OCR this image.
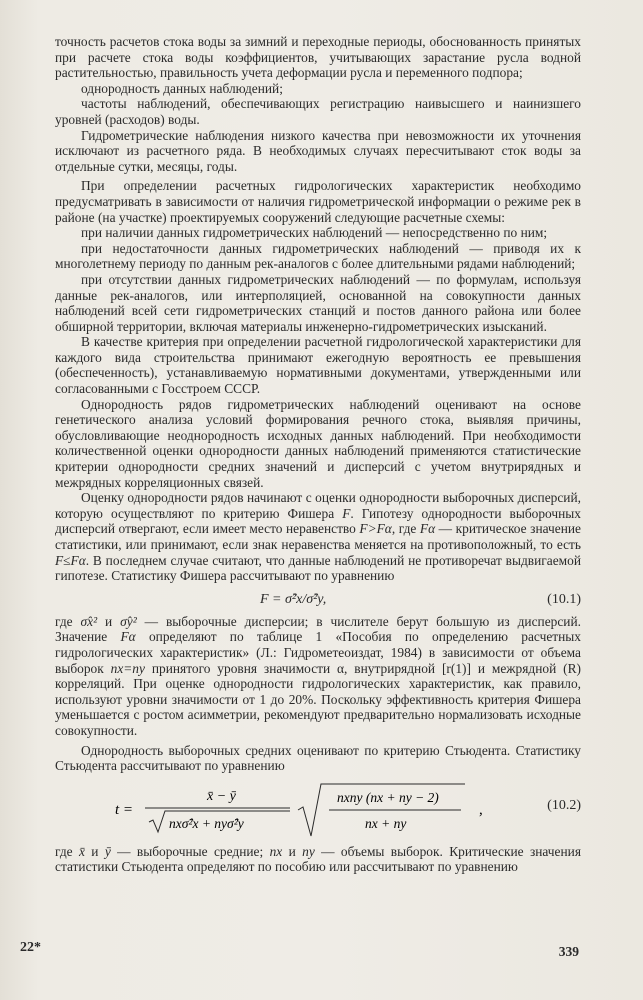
точность расчетов стока воды за зимний и переходные периоды, обоснованность принятых при расчете стока воды коэффициентов, учитывающих зарастание русла водной растительностью, правильность учета деформации русла и переменного подпора;

однородность данных наблюдений;

частоты наблюдений, обеспечивающих регистрацию наивысшего и наинизшего уровней (расходов) воды.

Гидрометрические наблюдения низкого качества при невозможности их уточнения исключают из расчетного ряда. В необходимых случаях пересчитывают сток воды за отдельные сутки, месяцы, годы.

При определении расчетных гидрологических характеристик необходимо предусматривать в зависимости от наличия гидрометрической информации о режиме рек в районе (на участке) проектируемых сооружений следующие расчетные схемы:

при наличии данных гидрометрических наблюдений — непосредственно по ним;

при недостаточности данных гидрометрических наблюдений — приводя их к многолетнему периоду по данным рек-аналогов с более длительными рядами наблюдений;

при отсутствии данных гидрометрических наблюдений — по формулам, используя данные рек-аналогов, или интерполяцией, основанной на совокупности данных наблюдений всей сети гидрометрических станций и постов данного района или более обширной территории, включая материалы инженерно-гидрометрических изысканий.

В качестве критерия при определении расчетной гидрологической характеристики для каждого вида строительства принимают ежегодную вероятность ее превышения (обеспеченность), устанавливаемую нормативными документами, утвержденными или согласованными с Госстроем СССР.

Однородность рядов гидрометрических наблюдений оценивают на основе генетического анализа условий формирования речного стока, выявляя причины, обусловливающие неоднородность исходных данных наблюдений. При необходимости количественной оценки однородности данных наблюдений применяются статистические критерии однородности средних значений и дисперсий с учетом внутрирядных и межрядных корреляционных связей.

Оценку однородности рядов начинают с оценки однородности выборочных дисперсий, которую осуществляют по критерию Фишера F. Гипотезу однородности выборочных дисперсий отвергают, если имеет место неравенство F>Fα, где Fα — критическое значение статистики, или принимают, если знак неравенства меняется на противоположный, то есть F≤Fα. В последнем случае считают, что данные наблюдений не противоречат выдвигаемой гипотезе. Статистику Фишера рассчитывают по уравнению

F = σ̂²x/σ̂²y,	(10.1)

где σ̂x² и σ̂y² — выборочные дисперсии; в числителе берут большую из дисперсий. Значение Fα определяют по таблице 1 «Пособия по определению расчетных гидрологических характеристик» (Л.: Гидрометеоиздат, 1984) в зависимости от объема выборок nx=ny принятого уровня значимости α, внутрирядной [r(1)] и межрядной (R) корреляций. При оценке однородности гидрологических характеристик, как правило, используют уровни значимости от 1 до 20%. Поскольку эффективность критерия Фишера уменьшается с ростом асимметрии, рекомендуют предварительно нормализовать исходные совокупности.

Однородность выборочных средних оценивают по критерию Стьюдента. Статистику Стьюдента рассчитывают по уравнению

t =
x̄ − ȳ
nxσ̂²x + nyσ̂²y
nxny (nx + ny − 2)
nx + ny
,	(10.2)

где x̄ и ȳ — выборочные средние; nx и ny — объемы выборок. Критические значения статистики Стьюдента определяют по пособию или рассчитывают по уравнению

22*	339
